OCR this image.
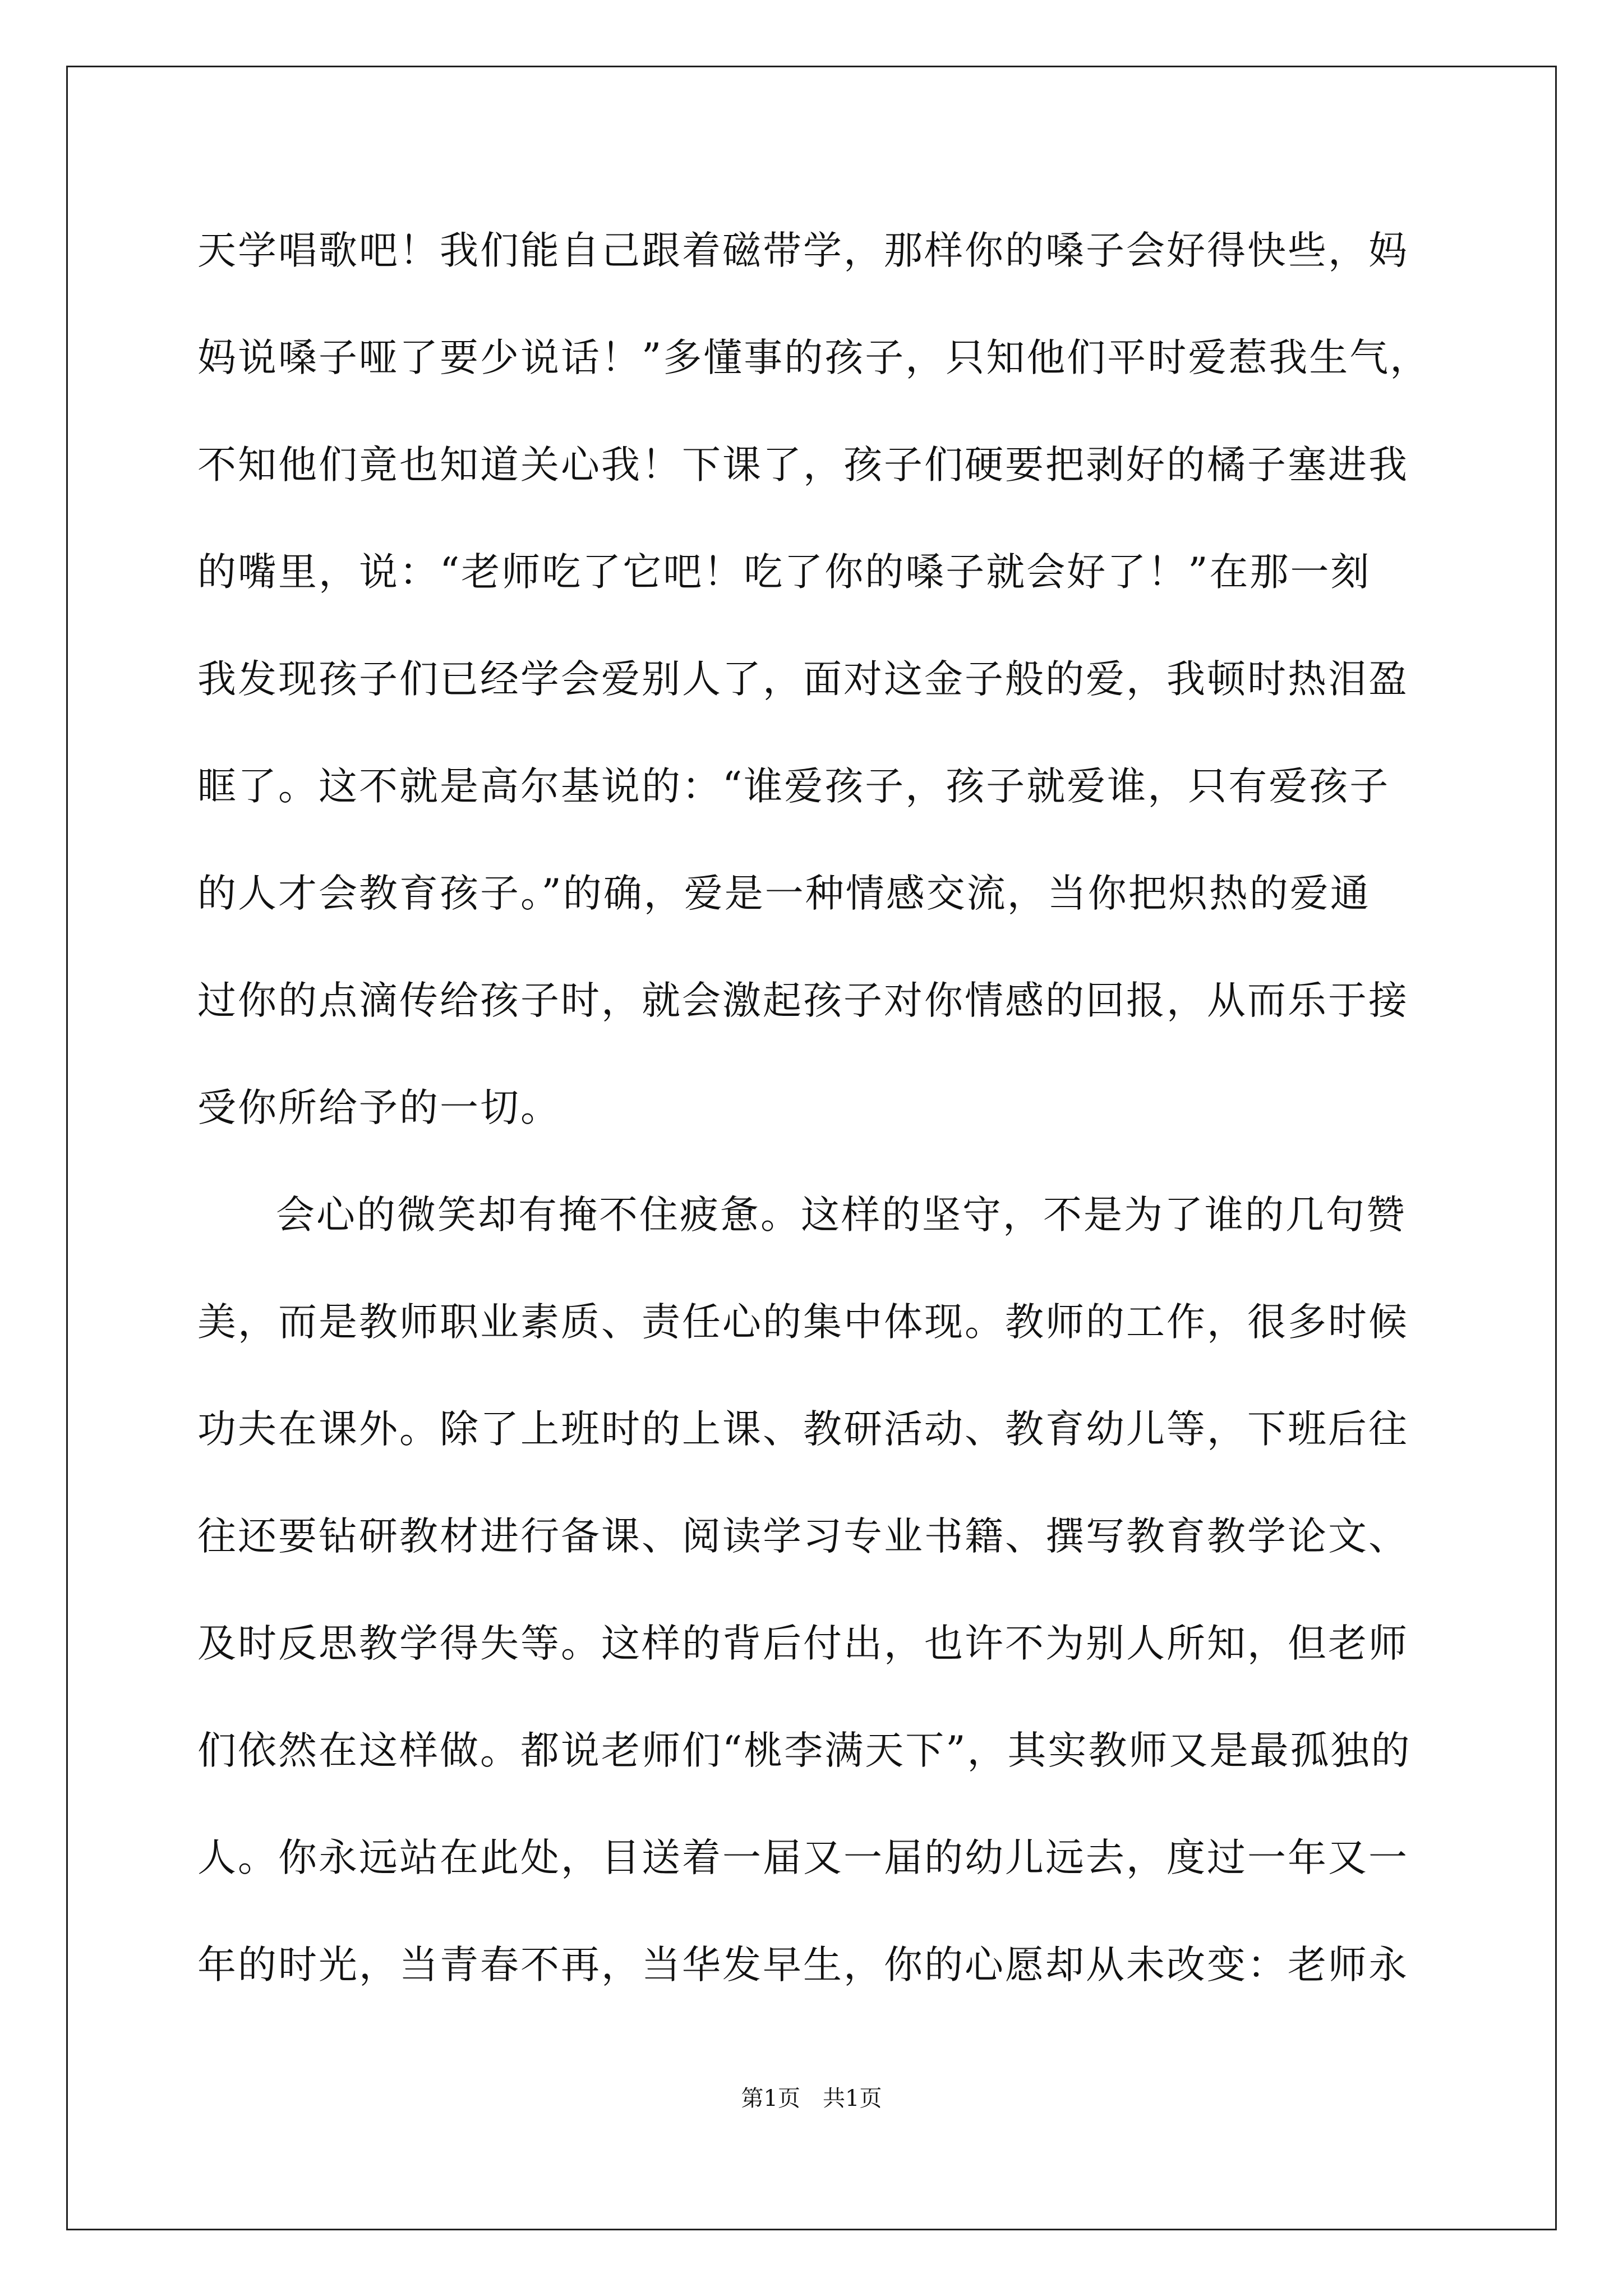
天学唱歌吧！我们能自己跟着磁带学，那样你的嗓子会好得快些，妈
妈说嗓子哑了要少说话！”多懂事的孩子，只知他们平时爱惹我生气，
不知他们竟也知道关心我！下课了，孩子们硬要把剥好的橘子塞进我
的嘴里，说：“老师吃了它吧！吃了你的嗓子就会好了！”在那一刻
我发现孩子们已经学会爱别人了，面对这金子般的爱，我顿时热泪盈
眶了。这不就是高尔基说的：“谁爱孩子，孩子就爱谁，只有爱孩子
的人才会教育孩子。”的确，爱是一种情感交流，当你把炽热的爱通
过你的点滴传给孩子时，就会激起孩子对你情感的回报，从而乐于接
受你所给予的一切。
会心的微笑却有掩不住疲惫。这样的坚守，不是为了谁的几句赞
美，而是教师职业素质、责任心的集中体现。教师的工作，很多时候
功夫在课外。除了上班时的上课、教研活动、教育幼儿等，下班后往
往还要钻研教材进行备课、阅读学习专业书籍、撰写教育教学论文、
及时反思教学得失等。这样的背后付出，也许不为别人所知，但老师
们依然在这样做。都说老师们“桃李满天下”，其实教师又是最孤独的
人。你永远站在此处，目送着一届又一届的幼儿远去，度过一年又一
年的时光，当青春不再，当华发早生，你的心愿却从未改变：老师永
第1页　共1页
